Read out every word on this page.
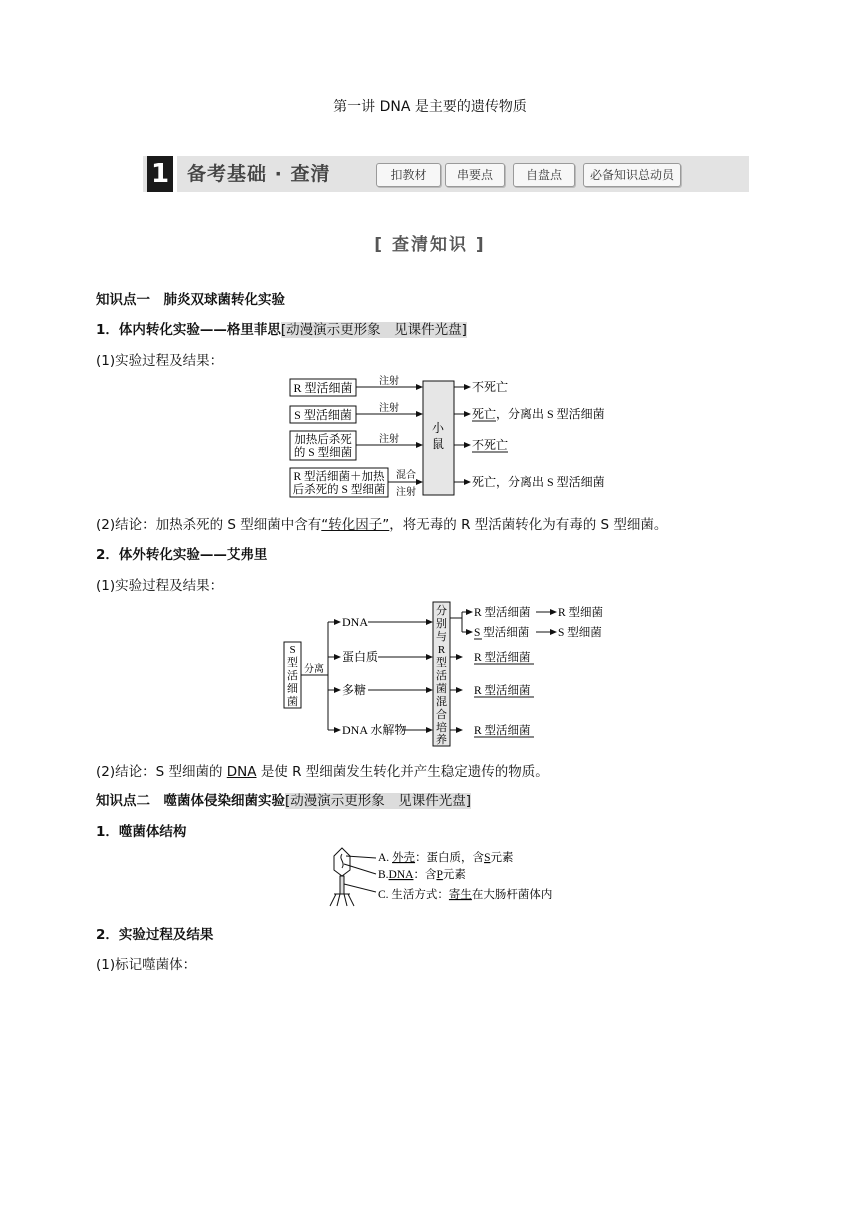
第一讲 DNA 是主要的遗传物质
1 备考基础 · 查清	扣教材	串要点	自盘点	必备知识总动员
[ 查清知识 ]
知识点一　肺炎双球菌转化实验
1．体内转化实验——格里菲思[动漫演示更形象　见课件光盘]
(1)实验过程及结果：
R 型活细菌
S 型活细菌
加热后杀死
的 S 型细菌
R 型活细菌＋加热
后杀死的 S 型细菌
注射
注射
注射
混合
注射
小
鼠
不死亡
死亡，分离出 S 型活细菌
不死亡
死亡，分离出 S 型活细菌
(2)结论：加热杀死的 S 型细菌中含有“转化因子”，将无毒的 R 型活菌转化为有毒的 S 型细菌。
2．体外转化实验——艾弗里
(1)实验过程及结果：
S
型
活
细
菌
分离
DNA
蛋白质
多糖
DNA 水解物
分
别
与
R
型
活
菌
混
合
培
养
R 型活细菌 R 型细菌
S 型活细菌 S 型细菌
R 型活细菌
R 型活细菌
R 型活细菌
(2)结论：S 型细菌的 DNA 是使 R 型细菌发生转化并产生稳定遗传的物质。
知识点二　噬菌体侵染细菌实验[动漫演示更形象　见课件光盘]
1．噬菌体结构
A. 外壳：蛋白质，含S元素
B.DNA：含P元素
C. 生活方式：寄生在大肠杆菌体内
2．实验过程及结果
(1)标记噬菌体：
